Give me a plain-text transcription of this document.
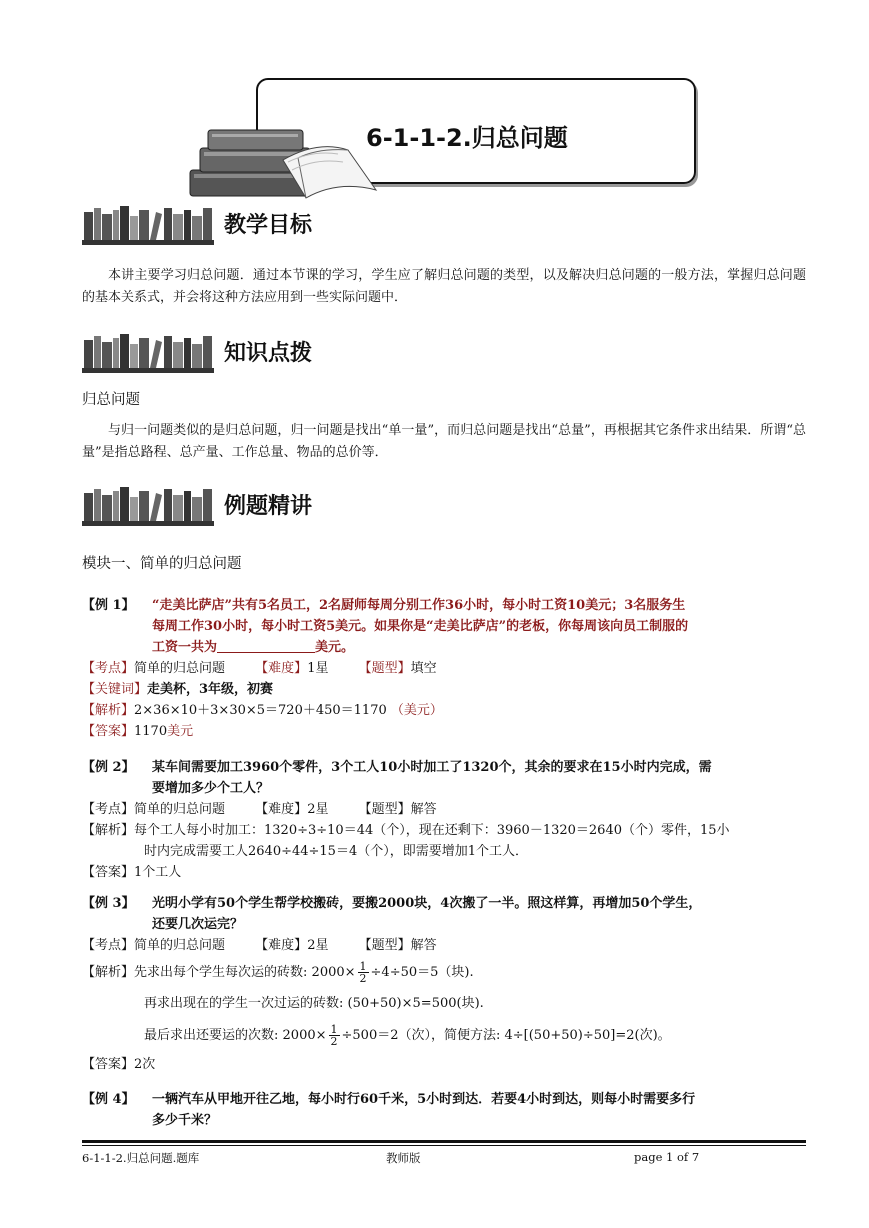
6-1-1-2.归总问题
教学目标
本讲主要学习归总问题．通过本节课的学习，学生应了解归总问题的类型，以及解决归总问题的一般方法，掌握归总问题的基本关系式，并会将这种方法应用到一些实际问题中．
知识点拨
归总问题
与归一问题类似的是归总问题，归一问题是找出“单一量”，而归总问题是找出“总量”，再根据其它条件求出结果．所谓“总量”是指总路程、总产量、工作总量、物品的总价等．
例题精讲
模块一、简单的归总问题
【例 1】 “走美比萨店”共有5名员工，2名厨师每周分别工作36小时，每小时工资10美元；3名服务生
每周工作30小时，每小时工资5美元。如果你是“走美比萨店”的老板，你每周该向员工制服的
工资一共为	美元。
【考点】简单的归总问题 【难度】1星 【题型】填空
【关键词】走美杯，3年级，初赛
【解析】2×36×10＋3×30×5＝720＋450＝1170 （美元）
【答案】1170美元
【例 2】 某车间需要加工3960个零件，3个工人10小时加工了1320个，其余的要求在15小时内完成，需
要增加多少个工人？
【考点】简单的归总问题 【难度】2星 【题型】解答
【解析】每个工人每小时加工：1320÷3÷10＝44（个），现在还剩下：3960－1320＝2640（个）零件，15小
时内完成需要工人2640÷44÷15＝4（个），即需要增加1个工人．
【答案】1个工人
【例 3】 光明小学有50个学生帮学校搬砖，要搬2000块，4次搬了一半。照这样算，再增加50个学生，
还要几次运完？
【考点】简单的归总问题 【难度】2星 【题型】解答
【解析】先求出每个学生每次运的砖数: $2000\times \frac{1}{2} \div 4\div 50=5$（块).
再求出现在的学生一次过运的砖数: (50+50)×5=500(块).
最后求出还要运的次数: $2000\times \frac{1}{2} \div 500=2$（次），简便方法: 4÷[(50+50)÷50]=2(次)。
【答案】2次
【例 4】 一辆汽车从甲地开往乙地，每小时行60千米，5小时到达．若要4小时到达，则每小时需要多行
多少千米？
6-1-1-2.归总问题.题库	教师版	page 1 of 7
